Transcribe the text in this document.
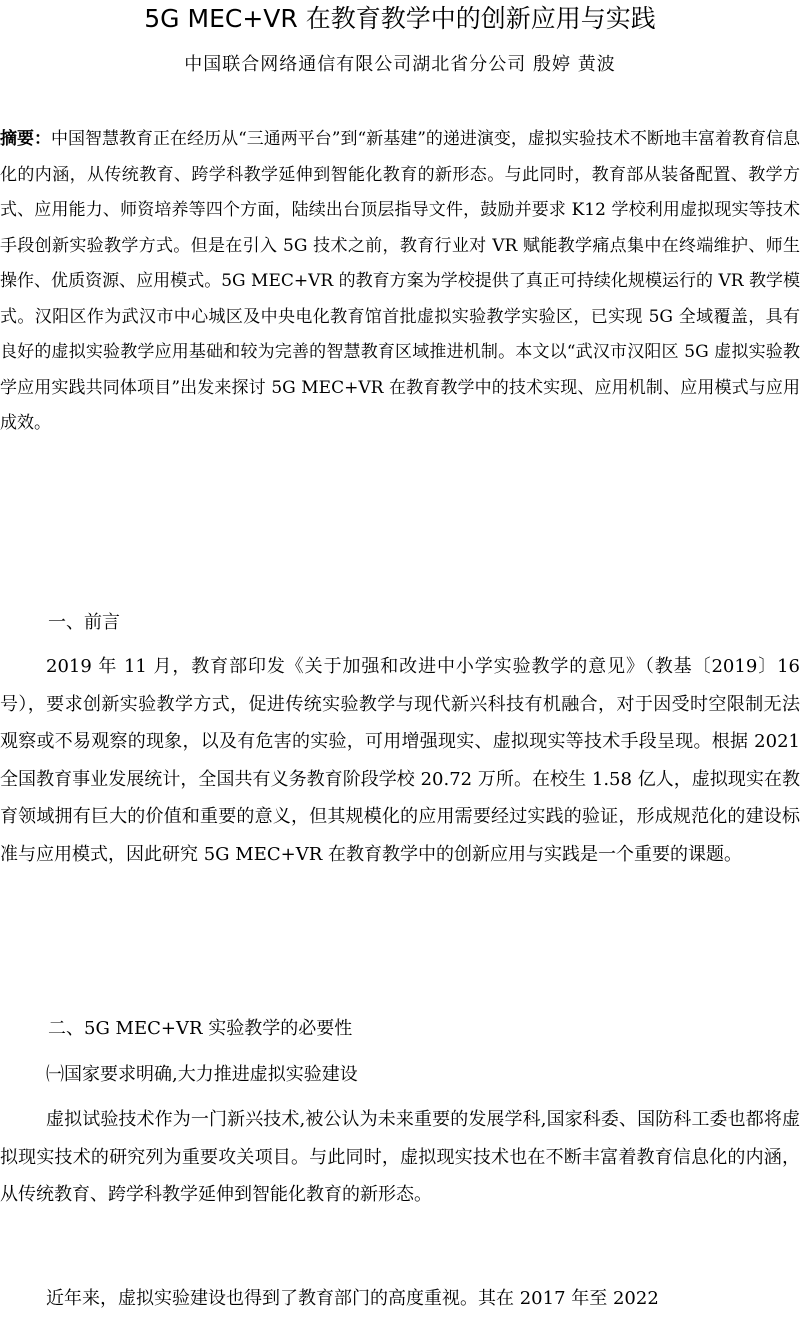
5G MEC+VR 在教育教学中的创新应用与实践
中国联合网络通信有限公司湖北省分公司 殷婷 黄波
摘要：中国智慧教育正在经历从“三通两平台”到“新基建”的递进演变，虚拟实验技术不断地丰富着教育信息化的内涵，从传统教育、跨学科教学延伸到智能化教育的新形态。与此同时，教育部从装备配置、教学方式、应用能力、师资培养等四个方面，陆续出台顶层指导文件，鼓励并要求 K12 学校利用虚拟现实等技术手段创新实验教学方式。但是在引入 5G 技术之前，教育行业对 VR 赋能教学痛点集中在终端维护、师生操作、优质资源、应用模式。5G MEC+VR 的教育方案为学校提供了真正可持续化规模运行的 VR 教学模式。汉阳区作为武汉市中心城区及中央电化教育馆首批虚拟实验教学实验区，已实现 5G 全域覆盖，具有良好的虚拟实验教学应用基础和较为完善的智慧教育区域推进机制。本文以“武汉市汉阳区 5G 虚拟实验教学应用实践共同体项目”出发来探讨 5G MEC+VR 在教育教学中的技术实现、应用机制、应用模式与应用成效。
一、前言
2019 年 11 月，教育部印发《关于加强和改进中小学实验教学的意见》（教基〔2019〕16 号），要求创新实验教学方式，促进传统实验教学与现代新兴科技有机融合，对于因受时空限制无法观察或不易观察的现象，以及有危害的实验，可用增强现实、虚拟现实等技术手段呈现。根据 2021 全国教育事业发展统计，全国共有义务教育阶段学校 20.72 万所。在校生 1.58 亿人，虚拟现实在教育领域拥有巨大的价值和重要的意义，但其规模化的应用需要经过实践的验证，形成规范化的建设标准与应用模式，因此研究 5G MEC+VR 在教育教学中的创新应用与实践是一个重要的课题。
二、5G MEC+VR 实验教学的必要性
㈠国家要求明确,大力推进虚拟实验建设
虚拟试验技术作为一门新兴技术,被公认为未来重要的发展学科,国家科委、国防科工委也都将虚拟现实技术的研究列为重要攻关项目。与此同时，虚拟现实技术也在不断丰富着教育信息化的内涵，从传统教育、跨学科教学延伸到智能化教育的新形态。
近年来，虚拟实验建设也得到了教育部门的高度重视。其在 2017 年至 2022
